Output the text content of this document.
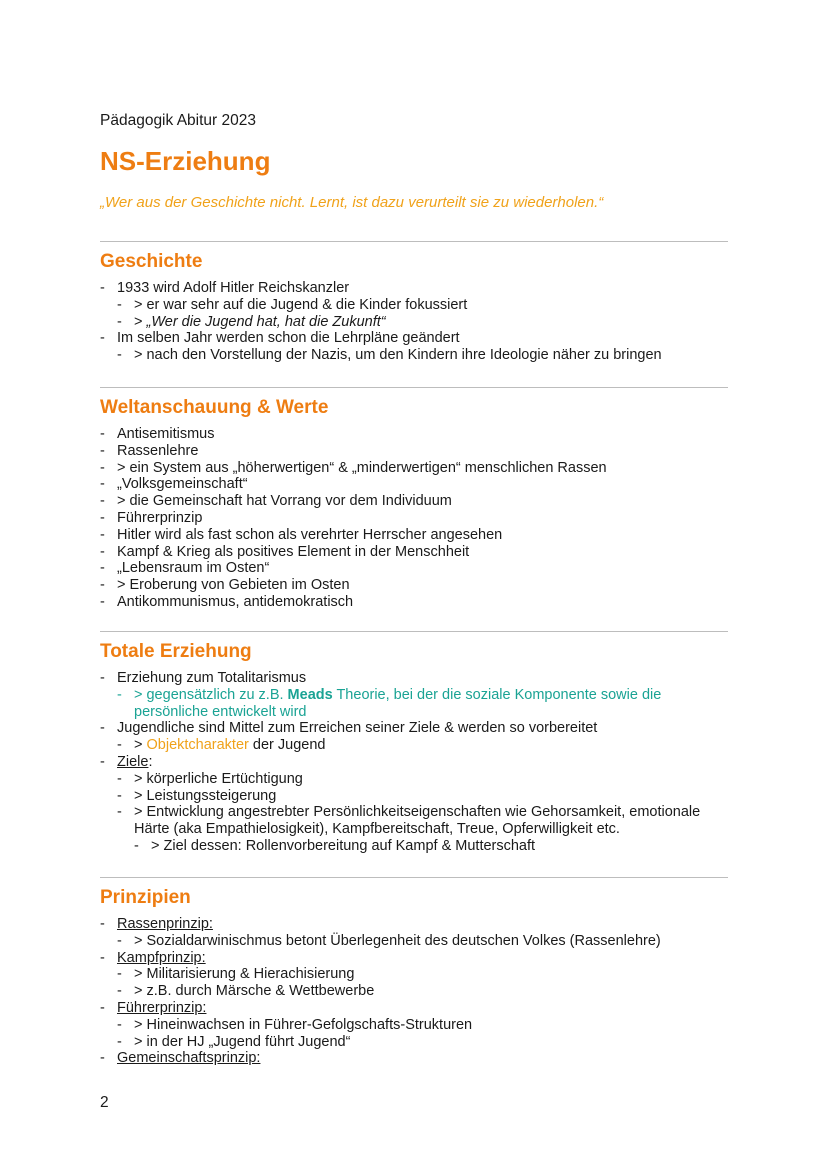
Pädagogik Abitur 2023
NS-Erziehung
„Wer aus der Geschichte nicht. Lernt, ist dazu verurteilt sie zu wiederholen.“
Geschichte
- 1933 wird Adolf Hitler Reichskanzler
- > er war sehr auf die Jugend & die Kinder fokussiert
- > „Wer die Jugend hat, hat die Zukunft“
- Im selben Jahr werden schon die Lehrpläne geändert
- > nach den Vorstellung der Nazis, um den Kindern ihre Ideologie näher zu bringen
Weltanschauung & Werte
- Antisemitismus
- Rassenlehre
- > ein System aus „höherwertigen“ & „minderwertigen“ menschlichen Rassen
- „Volksgemeinschaft“
- > die Gemeinschaft hat Vorrang vor dem Individuum
- Führerprinzip
- Hitler wird als fast schon als verehrter Herrscher angesehen
- Kampf & Krieg als positives Element in der Menschheit
- „Lebensraum im Osten“
- > Eroberung von Gebieten im Osten
- Antikommunismus, antidemokratisch
Totale Erziehung
- Erziehung zum Totalitarismus
- > gegensätzlich zu z.B. Meads Theorie, bei der die soziale Komponente sowie die persönliche entwickelt wird
- Jugendliche sind Mittel zum Erreichen seiner Ziele & werden so vorbereitet
- > Objektcharakter der Jugend
- Ziele:
- > körperliche Ertüchtigung
- > Leistungssteigerung
- > Entwicklung angestrebter Persönlichkeitseigenschaften wie Gehorsamkeit, emotionale Härte (aka Empathielosigkeit), Kampfbereitschaft, Treue, Opferwilligkeit etc.
- > Ziel dessen: Rollenvorbereitung auf Kampf & Mutterschaft
Prinzipien
- Rassenprinzip:
- > Sozialdarwinischmus betont Überlegenheit des deutschen Volkes (Rassenlehre)
- Kampfprinzip:
- > Militarisierung & Hierachisierung
- > z.B. durch Märsche & Wettbewerbe
- Führerprinzip:
- > Hineinwachsen in Führer-Gefolgschafts-Strukturen
- > in der HJ „Jugend führt Jugend“
- Gemeinschaftsprinzip:
2
